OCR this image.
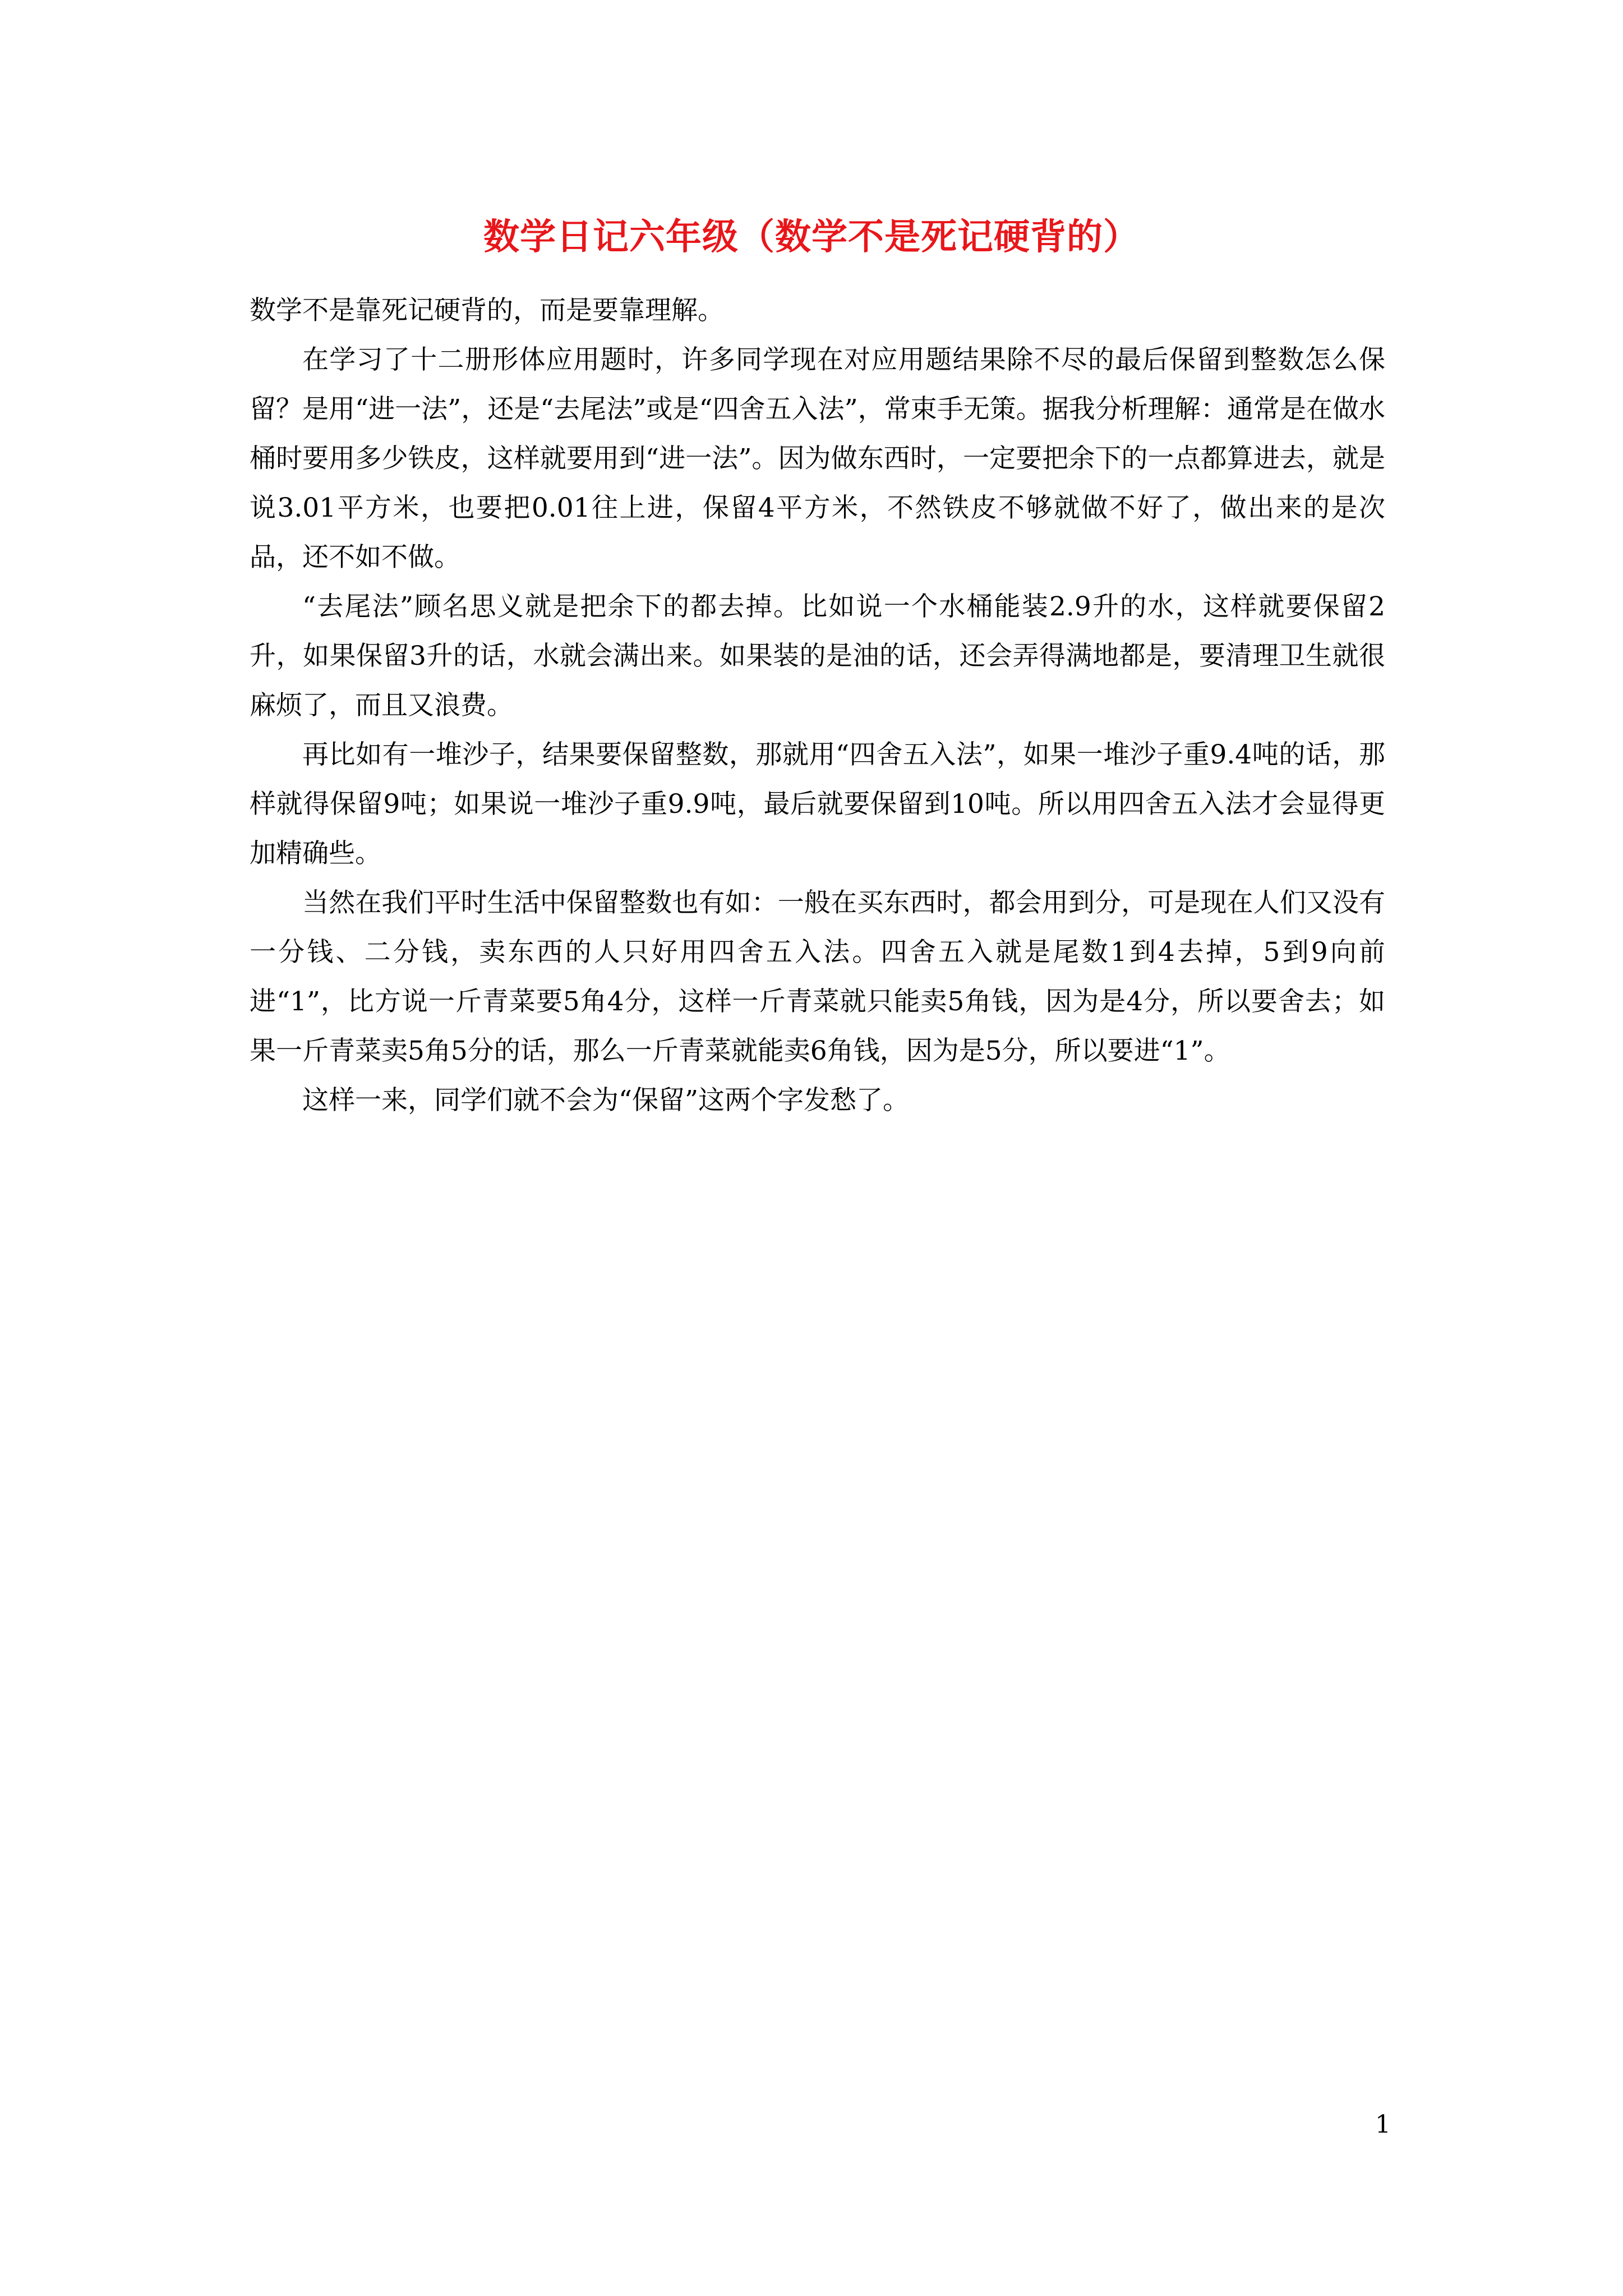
数学日记六年级（数学不是死记硬背的）

数学不是靠死记硬背的，而是要靠理解。

在学习了十二册形体应用题时，许多同学现在对应用题结果除不尽的最后保留到整数怎么保留？是用“进一法”，还是“去尾法”或是“四舍五入法”，常束手无策。据我分析理解：通常是在做水桶时要用多少铁皮，这样就要用到“进一法”。因为做东西时，一定要把余下的一点都算进去，就是说3.01平方米，也要把0.01往上进，保留4平方米，不然铁皮不够就做不好了，做出来的是次品，还不如不做。

“去尾法”顾名思义就是把余下的都去掉。比如说一个水桶能装2.9升的水，这样就要保留2升，如果保留3升的话，水就会满出来。如果装的是油的话，还会弄得满地都是，要清理卫生就很麻烦了，而且又浪费。

再比如有一堆沙子，结果要保留整数，那就用“四舍五入法”，如果一堆沙子重9.4吨的话，那样就得保留9吨；如果说一堆沙子重9.9吨，最后就要保留到10吨。所以用四舍五入法才会显得更加精确些。

当然在我们平时生活中保留整数也有如：一般在买东西时，都会用到分，可是现在人们又没有一分钱、二分钱，卖东西的人只好用四舍五入法。四舍五入就是尾数1到4去掉，5到9向前进“1”，比方说一斤青菜要5角4分，这样一斤青菜就只能卖5角钱，因为是4分，所以要舍去；如果一斤青菜卖5角5分的话，那么一斤青菜就能卖6角钱，因为是5分，所以要进“1”。

这样一来，同学们就不会为“保留”这两个字发愁了。

1
